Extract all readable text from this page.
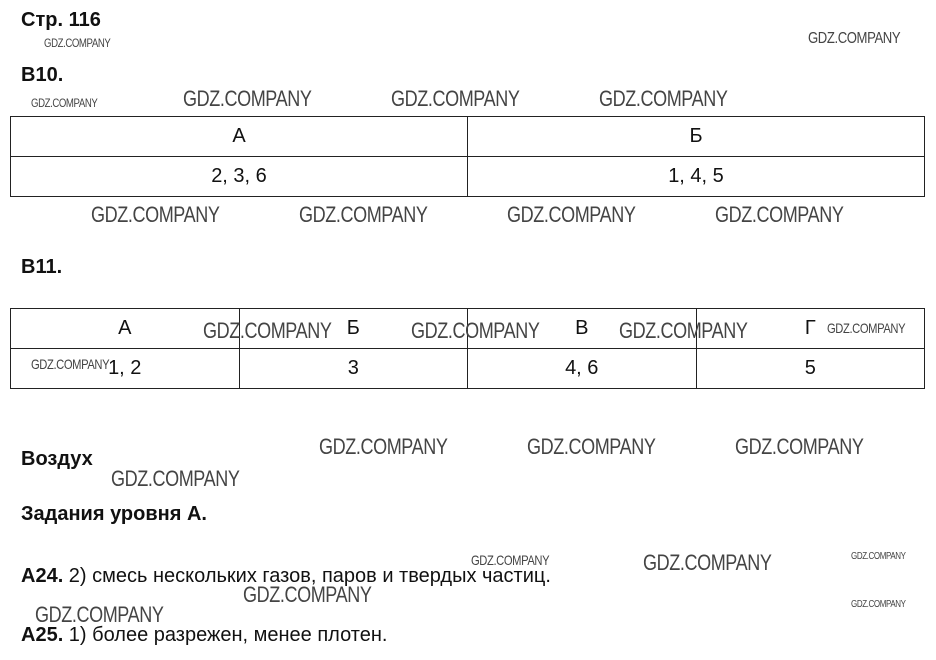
Стр. 116
B10.
А	Б
2, 3, 6	1, 4, 5
B11.
А	Б	В	Г
1, 2	3	4, 6	5
Воздух
Задания уровня А.
А24. 2) смесь нескольких газов, паров и твердых частиц.
А25. 1) более разрежен, менее плотен.
GDZ.COMPANY	GDZ.COMPANY
GDZ.COMPANY	GDZ.COMPANY	GDZ.COMPANY	GDZ.COMPANY
GDZ.COMPANY	GDZ.COMPANY	GDZ.COMPANY	GDZ.COMPANY
GDZ.COMPANY	GDZ.COMPANY	GDZ.COMPANY	GDZ.COMPANY
GDZ.COMPANY
GDZ.COMPANY	GDZ.COMPANY	GDZ.COMPANY
GDZ.COMPANY
GDZ.COMPANY	GDZ.COMPANY	GDZ.COMPANY
GDZ.COMPANY
GDZ.COMPANY	GDZ.COMPANY
